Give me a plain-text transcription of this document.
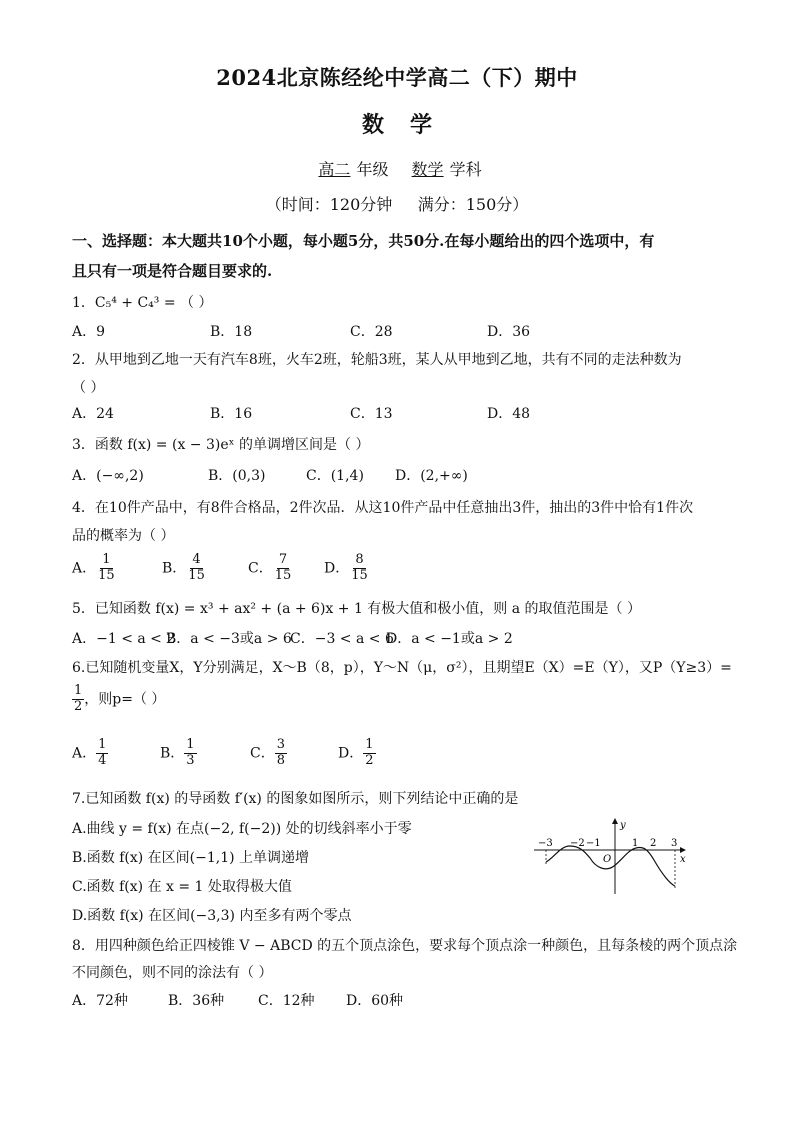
2024北京陈经纶中学高二（下）期中
数学
高二 年级 数学 学科
（时间：120分钟     满分：150分）
一、选择题：本大题共10个小题，每小题5分，共50分.在每小题给出的四个选项中，有
且只有一项是符合题目要求的.
1．C₅⁴ + C₄³ = （ ）
A．9	B．18	C．28	D．36
2．从甲地到乙地一天有汽车8班，火车2班，轮船3班，某人从甲地到乙地，共有不同的走法种数为
（ ）
A．24	B．16	C．13	D．48
3．函数 f(x) = (x − 3)eˣ 的单调增区间是（ ）
A．(−∞,2)	B．(0,3)	C．(1,4) D．(2,+∞)
4．在10件产品中，有8件合格品，2件次品．从这10件产品中任意抽出3件，抽出的3件中恰有1件次
品的概率为（ ）
A． $\frac{1}{15}$	B． $\frac{4}{15}$	C． $\frac{7}{15}$ D． $\frac{8}{15}$
5．已知函数 f(x) = x³ + ax² + (a + 6)x + 1 有极大值和极小值，则 a 的取值范围是（ ）
A．−1 < a < 2
B．a < −3或a > 6
C．−3 < a < 6
D．a < −1或a > 2
6.已知随机变量X，Y分别满足，X～B（8，p），Y～N（μ，σ²），且期望E（X）=E（Y），又P（Y≥3）=
$\frac{1}{2}$ ，则p=（ ）
A． $\frac{1}{4}$	B． $\frac{1}{3}$	C． $\frac{3}{8}$	D． $\frac{1}{2}$
7.已知函数 f(x) 的导函数 f′(x) 的图象如图所示，则下列结论中正确的是
A.曲线 y = f(x) 在点(−2, f(−2)) 处的切线斜率小于零
B.函数 f(x) 在区间(−1,1) 上单调递增
C.函数 f(x) 在 x = 1 处取得极大值
D.函数 f(x) 在区间(−3,3) 内至多有两个零点
−3 −2 −1	1 2 3
O
y
x
8．用四种颜色给正四棱锥 V − ABCD 的五个顶点涂色，要求每个顶点涂一种颜色，且每条棱的两个顶点涂
不同颜色，则不同的涂法有（ ）
A．72种	B．36种 C．12种 D．60种
